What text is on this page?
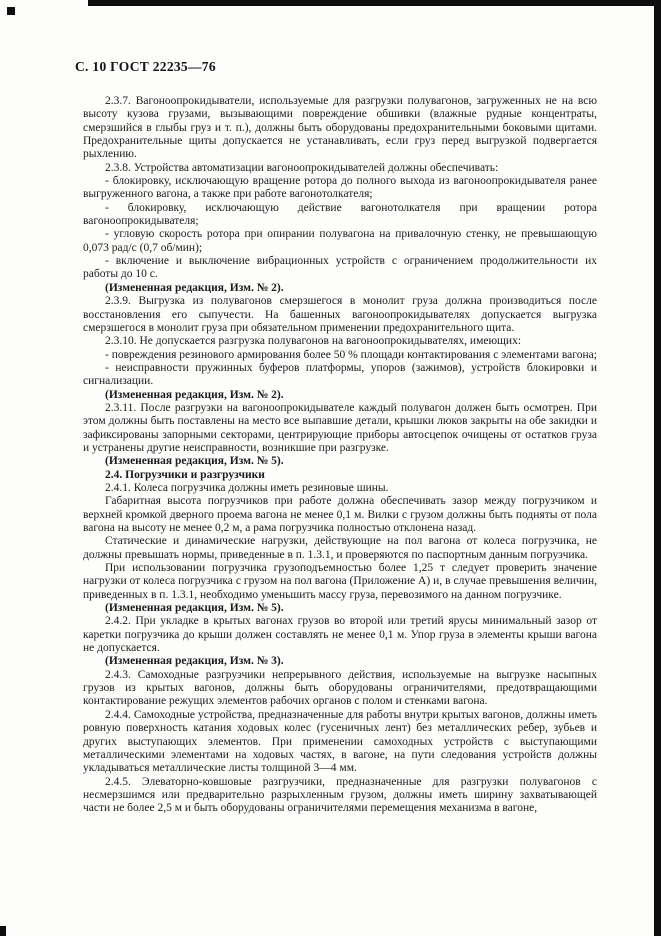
С. 10 ГОСТ 22235—76

2.3.7. Вагоноопрокидыватели, используемые для разгрузки полувагонов, загруженных не на всю высоту кузова грузами, вызывающими повреждение обшивки (влажные рудные концентраты, смерзшийся в глыбы груз и т. п.), должны быть оборудованы предохранительными боковыми щитами. Предохранительные щиты допускается не устанавливать, если груз перед выгрузкой подвергается рыхлению.

2.3.8. Устройства автоматизации вагоноопрокидывателей должны обеспечивать:

- блокировку, исключающую вращение ротора до полного выхода из вагоноопрокидывателя ранее выгруженного вагона, а также при работе вагонотолкателя;

- блокировку, исключающую действие вагонотолкателя при вращении ротора вагоноопрокидывателя;

- угловую скорость ротора при опирании полувагона на привалочную стенку, не превышающую 0,073 рад/с (0,7 об/мин);

- включение и выключение вибрационных устройств с ограничением продолжительности их работы до 10 с.

(Измененная редакция, Изм. № 2).

2.3.9. Выгрузка из полувагонов смерзшегося в монолит груза должна производиться после восстановления его сыпучести. На башенных вагоноопрокидывателях допускается выгрузка смерзшегося в монолит груза при обязательном применении предохранительного щита.

2.3.10. Не допускается разгрузка полувагонов на вагоноопрокидывателях, имеющих:

- повреждения резинового армирования более 50 % площади контактирования с элементами вагона;

- неисправности пружинных буферов платформы, упоров (зажимов), устройств блокировки и сигнализации.

(Измененная редакция, Изм. № 2).

2.3.11. После разгрузки на вагоноопрокидывателе каждый полувагон должен быть осмотрен. При этом должны быть поставлены на место все выпавшие детали, крышки люков закрыты на обе закидки и зафиксированы запорными секторами, центрирующие приборы автосцепок очищены от остатков груза и устранены другие неисправности, возникшие при разгрузке.

(Измененная редакция, Изм. № 5).

2.4. Погрузчики и разгрузчики

2.4.1. Колеса погрузчика должны иметь резиновые шины.

Габаритная высота погрузчиков при работе должна обеспечивать зазор между погрузчиком и верхней кромкой дверного проема вагона не менее 0,1 м. Вилки с грузом должны быть подняты от пола вагона на высоту не менее 0,2 м, а рама погрузчика полностью отклонена назад.

Статические и динамические нагрузки, действующие на пол вагона от колеса погрузчика, не должны превышать нормы, приведенные в п. 1.3.1, и проверяются по паспортным данным погрузчика.

При использовании погрузчика грузоподъемностью более 1,25 т следует проверить значение нагрузки от колеса погрузчика с грузом на пол вагона (Приложение А) и, в случае превышения величин, приведенных в п. 1.3.1, необходимо уменьшить массу груза, перевозимого на данном погрузчике.

(Измененная редакция, Изм. № 5).

2.4.2. При укладке в крытых вагонах грузов во второй или третий ярусы минимальный зазор от каретки погрузчика до крыши должен составлять не менее 0,1 м. Упор груза в элементы крыши вагона не допускается.

(Измененная редакция, Изм. № 3).

2.4.3. Самоходные разгрузчики непрерывного действия, используемые на выгрузке насыпных грузов из крытых вагонов, должны быть оборудованы ограничителями, предотвращающими контактирование режущих элементов рабочих органов с полом и стенками вагона.

2.4.4. Самоходные устройства, предназначенные для работы внутри крытых вагонов, должны иметь ровную поверхность катания ходовых колес (гусеничных лент) без металлических ребер, зубьев и других выступающих элементов. При применении самоходных устройств с выступающими металлическими элементами на ходовых частях, в вагоне, на пути следования устройств должны укладываться металлические листы толщиной 3—4 мм.

2.4.5. Элеваторно-ковшовые разгрузчики, предназначенные для разгрузки полувагонов с несмерзшимся или предварительно разрыхленным грузом, должны иметь ширину захватывающей части не более 2,5 м и быть оборудованы ограничителями перемещения механизма в вагоне,
